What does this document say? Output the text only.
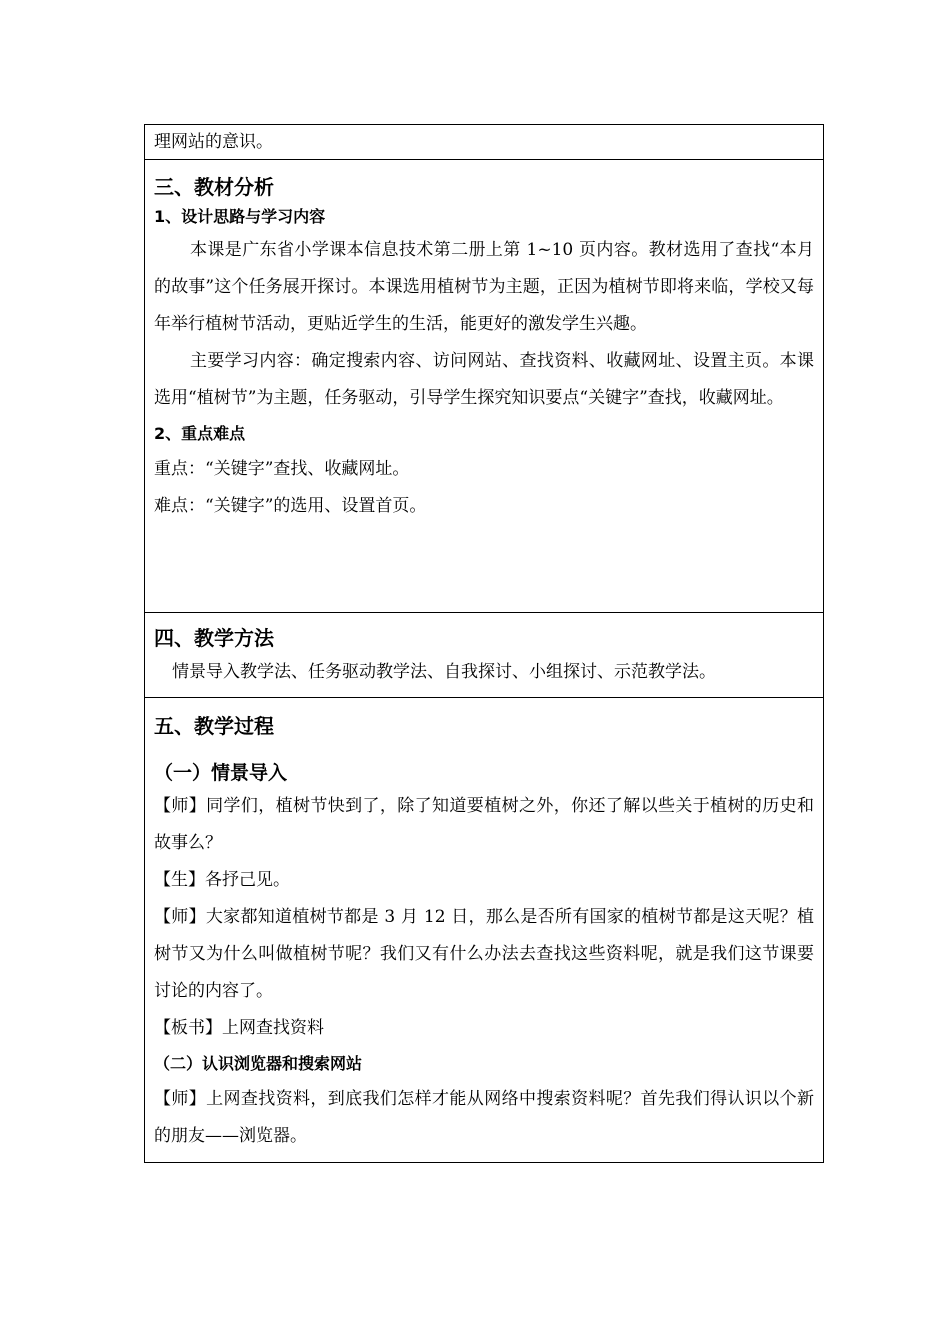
理网站的意识。

三、教材分析

1、设计思路与学习内容

本课是广东省小学课本信息技术第二册上第 1~10 页内容。教材选用了查找“本月的故事”这个任务展开探讨。本课选用植树节为主题，正因为植树节即将来临，学校又每年举行植树节活动，更贴近学生的生活，能更好的激发学生兴趣。

主要学习内容：确定搜索内容、访问网站、查找资料、收藏网址、设置主页。本课选用“植树节”为主题，任务驱动，引导学生探究知识要点“关键字”查找，收藏网址。

2、重点难点

重点：“关键字”查找、收藏网址。

难点：“关键字”的选用、设置首页。

四、教学方法

情景导入教学法、任务驱动教学法、自我探讨、小组探讨、示范教学法。

五、教学过程

（一）情景导入

【师】同学们，植树节快到了，除了知道要植树之外，你还了解以些关于植树的历史和故事么？

【生】各抒己见。

【师】大家都知道植树节都是 3 月 12 日，那么是否所有国家的植树节都是这天呢？植树节又为什么叫做植树节呢？我们又有什么办法去查找这些资料呢，就是我们这节课要讨论的内容了。

【板书】上网查找资料

（二）认识浏览器和搜索网站

【师】上网查找资料，到底我们怎样才能从网络中搜索资料呢？首先我们得认识以个新的朋友——浏览器。
